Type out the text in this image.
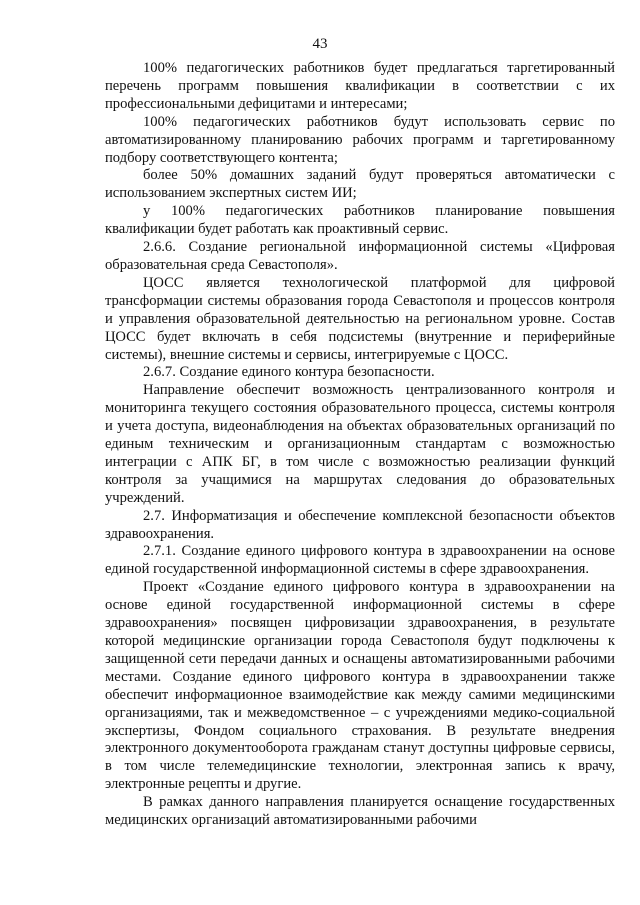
43

100% педагогических работников будет предлагаться таргетированный перечень программ повышения квалификации в соответствии с их профессиональными дефицитами и интересами;

100% педагогических работников будут использовать сервис по автоматизированному планированию рабочих программ и таргетированному подбору соответствующего контента;

более 50% домашних заданий будут проверяться автоматически с использованием экспертных систем ИИ;

у 100% педагогических работников планирование повышения квалификации будет работать как проактивный сервис.

2.6.6. Создание региональной информационной системы «Цифровая образовательная среда Севастополя».

ЦОСС является технологической платформой для цифровой трансформации системы образования города Севастополя и процессов контроля и управления образовательной деятельностью на региональном уровне. Состав ЦОСС будет включать в себя подсистемы (внутренние и периферийные системы), внешние системы и сервисы, интегрируемые с ЦОСС.

2.6.7. Создание единого контура безопасности.

Направление обеспечит возможность централизованного контроля и мониторинга текущего состояния образовательного процесса, системы контроля и учета доступа, видеонаблюдения на объектах образовательных организаций по единым техническим и организационным стандартам с возможностью интеграции с АПК БГ, в том числе с возможностью реализации функций контроля за учащимися на маршрутах следования до образовательных учреждений.

2.7. Информатизация и обеспечение комплексной безопасности объектов здравоохранения.

2.7.1. Создание единого цифрового контура в здравоохранении на основе единой государственной информационной системы в сфере здравоохранения.

Проект «Создание единого цифрового контура в здравоохранении на основе единой государственной информационной системы в сфере здравоохранения» посвящен цифровизации здравоохранения, в результате которой медицинские организации города Севастополя будут подключены к защищенной сети передачи данных и оснащены автоматизированными рабочими местами. Создание единого цифрового контура в здравоохранении также обеспечит информационное взаимодействие как между самими медицинскими организациями, так и межведомственное – с учреждениями медико-социальной экспертизы, Фондом социального страхования. В результате внедрения электронного документооборота гражданам станут доступны цифровые сервисы, в том числе телемедицинские технологии, электронная запись к врачу, электронные рецепты и другие.

В рамках данного направления планируется оснащение государственных медицинских организаций автоматизированными рабочими
